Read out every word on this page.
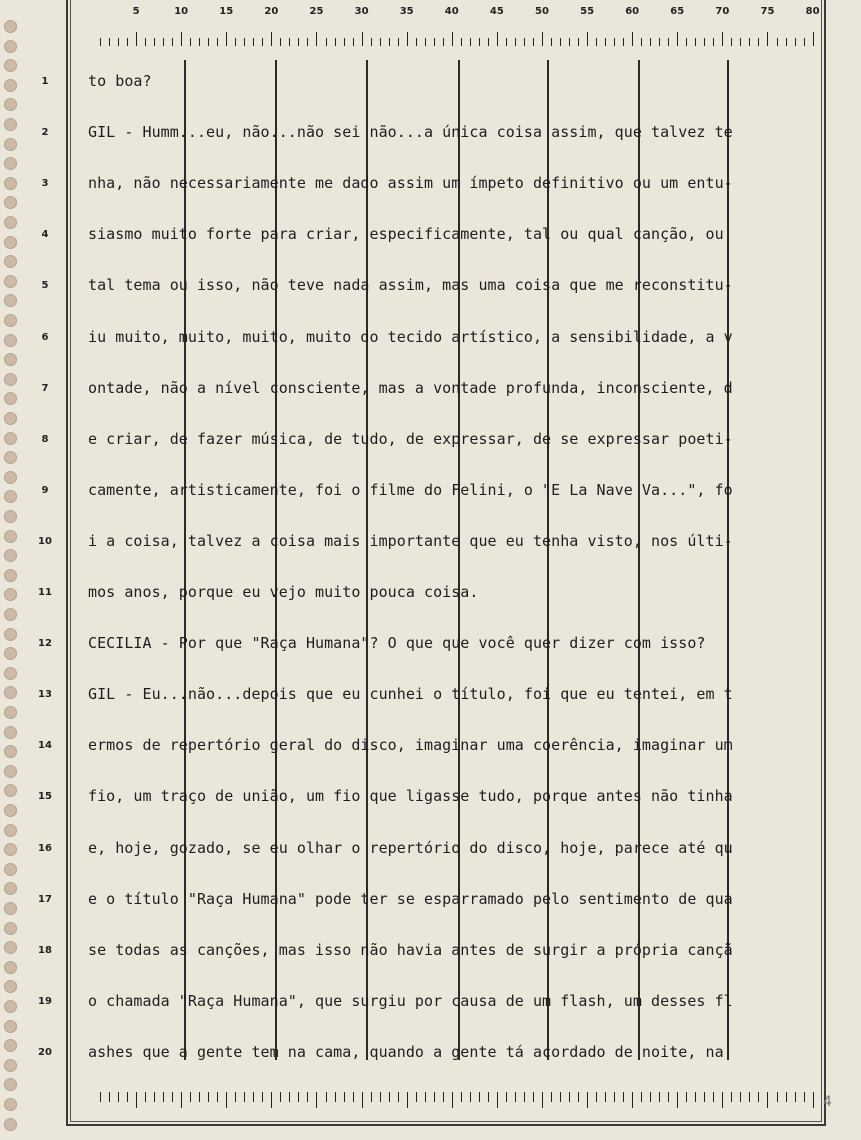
5	10	15	20	25	30	35	40	45	50	55	60	65	70	75	80
1
2
3
4
5
6
7
8
9
10
11
12
13
14
15
16
17
18
19
20
to boa?
GIL - Humm...eu, não...não sei não...a única coisa assim, que talvez te
nha, não necessariamente me dado assim um ímpeto definitivo ou um entu-
siasmo muito forte para criar, especificamente, tal ou qual canção, ou
tal tema ou isso, não teve nada assim, mas uma coisa que me reconstitu-
iu muito, muito, muito, muito do tecido artístico, a sensibilidade, a v
ontade, não a nível consciente, mas a vontade profunda, inconsciente, d
e criar, de fazer música, de tudo, de expressar, de se expressar poeti-
camente, artisticamente, foi o filme do Felini, o "E La Nave Va...", fo
i a coisa, talvez a coisa mais importante que eu tenha visto, nos últi-
mos anos, porque eu vejo muito pouca coisa.
CECILIA - Por que "Raça Humana"? O que que você quer dizer com isso?
GIL - Eu...não...depois que eu cunhei o título, foi que eu tentei, em t
ermos de repertório geral do disco, imaginar uma coerência, imaginar um
fio, um traço de união, um fio que ligasse tudo, porque antes não tinha
e, hoje, gozado, se eu olhar o repertório do disco, hoje, parece até qu
e o título "Raça Humana" pode ter se esparramado pelo sentimento de qua
se todas as canções, mas isso não havia antes de surgir a própria cançã
o chamada "Raça Humana", que surgiu por causa de um flash, um desses fl
ashes que a gente tem na cama, quando a gente tá acordado de noite, na
4
